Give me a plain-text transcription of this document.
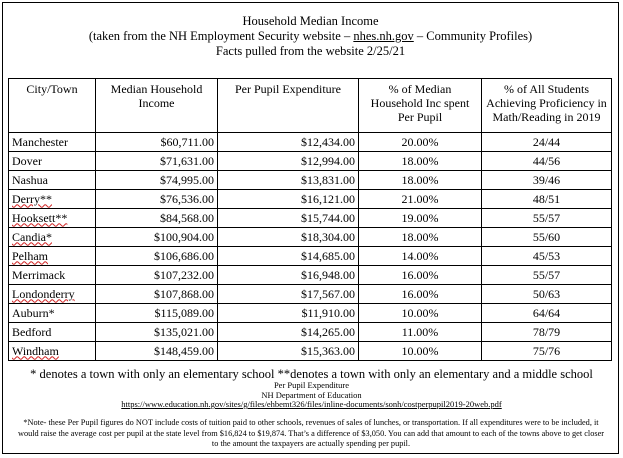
Household Median Income
(taken from the NH Employment Security website – nhes.nh.gov – Community Profiles)
Facts pulled from the website 2/25/21
City/Town	Median Household Income	Per Pupil Expenditure	% of Median Household Inc spent Per Pupil	% of All Students Achieving Proficiency in Math/Reading in 2019
Manchester	$60,711.00	$12,434.00	20.00%	24/44
Dover	$71,631.00	$12,994.00	18.00%	44/56
Nashua	$74,995.00	$13,831.00	18.00%	39/46
Derry**	$76,536.00	$16,121.00	21.00%	48/51
Hooksett**	$84,568.00	$15,744.00	19.00%	55/57
Candia*	$100,904.00	$18,304.00	18.00%	55/60
Pelham	$106,686.00	$14,685.00	14.00%	45/53
Merrimack	$107,232.00	$16,948.00	16.00%	55/57
Londonderry	$107,868.00	$17,567.00	16.00%	50/63
Auburn*	$115,089.00	$11,910.00	10.00%	64/64
Bedford	$135,021.00	$14,265.00	11.00%	78/79
Windham	$148,459.00	$15,363.00	10.00%	75/76
* denotes a town with only an elementary school **denotes a town with only an elementary and a middle school
Per Pupil Expenditure
NH Department of Education
https://www.education.nh.gov/sites/g/files/ehbemt326/files/inline-documents/sonh/costperpupil2019-20web.pdf
*Note- these Per Pupil figures do NOT include costs of tuition paid to other schools, revenues of sales of lunches, or transportation. If all expenditures were to be included, it would raise the average cost per pupil at the state level from $16,824 to $19,874. That’s a difference of $3,050. You can add that amount to each of the towns above to get closer to the amount the taxpayers are actually spending per pupil.
